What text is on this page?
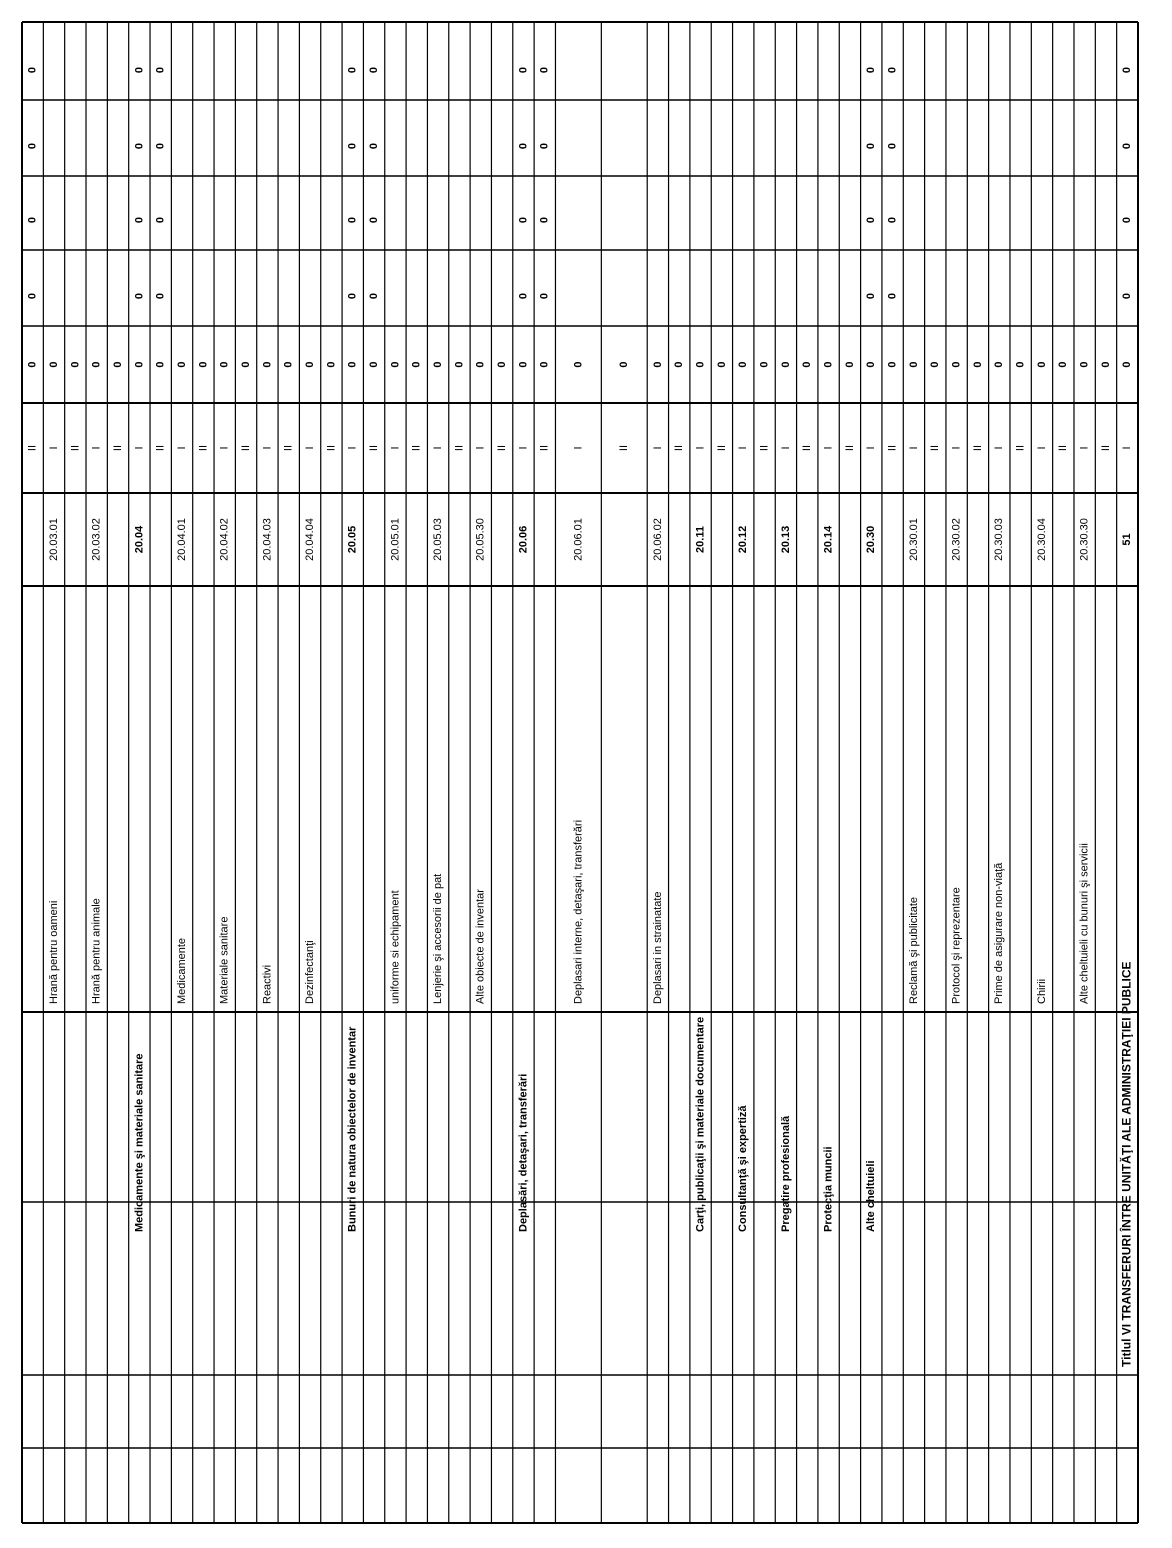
0
0
0
0
0
II
0
I
20.03.01
Hrană pentru oameni
0
II
0
I
20.03.02
Hrană pentru animale
0
II
0
0
0
0
0
I
20.04
Medicamente şi materiale sanitare
0
0
0
0
0
II
0
I
20.04.01
Medicamente
0
II
0
I
20.04.02
Materiale sanitare
0
II
0
I
20.04.03
Reactivi
0
II
0
I
20.04.04
Dezinfectanţi
0
II
0
0
0
0
0
I
20.05
Bunuri de natura obiectelor de inventar
0
0
0
0
0
II
0
I
20.05.01
uniforme si echipament
0
II
0
I
20.05.03
Lenjerie şi accesorii de pat
0
II
0
I
20.05.30
Alte obiecte de inventar
0
II
0
0
0
0
0
I
20.06
Deplasări, detaşari, transferări
0
0
0
0
0
II
0
I
20.06.01
Deplasari interne, detaşari, transferări
0
II
0
I
20.06.02
Deplasari in strainatate
0
II
0
I
20.11
Carţi, publicaţii şi materiale documentare
0
II
0
I
20.12
Consultanţă şi expertiză
0
II
0
I
20.13
Pregatire profesională
0
II
0
I
20.14
Protecţia muncii
0
II
0
0
0
0
0
I
20.30
Alte cheltuieli
0
0
0
0
0
II
0
I
20.30.01
Reclamă şi publicitate
0
II
0
I
20.30.02
Protocol şi reprezentare
0
II
0
I
20.30.03
Prime de asigurare non-viaţă
0
II
0
I
20.30.04
Chirii
0
II
0
I
20.30.30
Alte cheltuieli cu bunuri şi servicii
0
II
0
0
0
0
0
I
51
Titlul VI TRANSFERURI ÎNTRE UNITĂŢI ALE ADMINISTRAŢIEI PUBLICE
